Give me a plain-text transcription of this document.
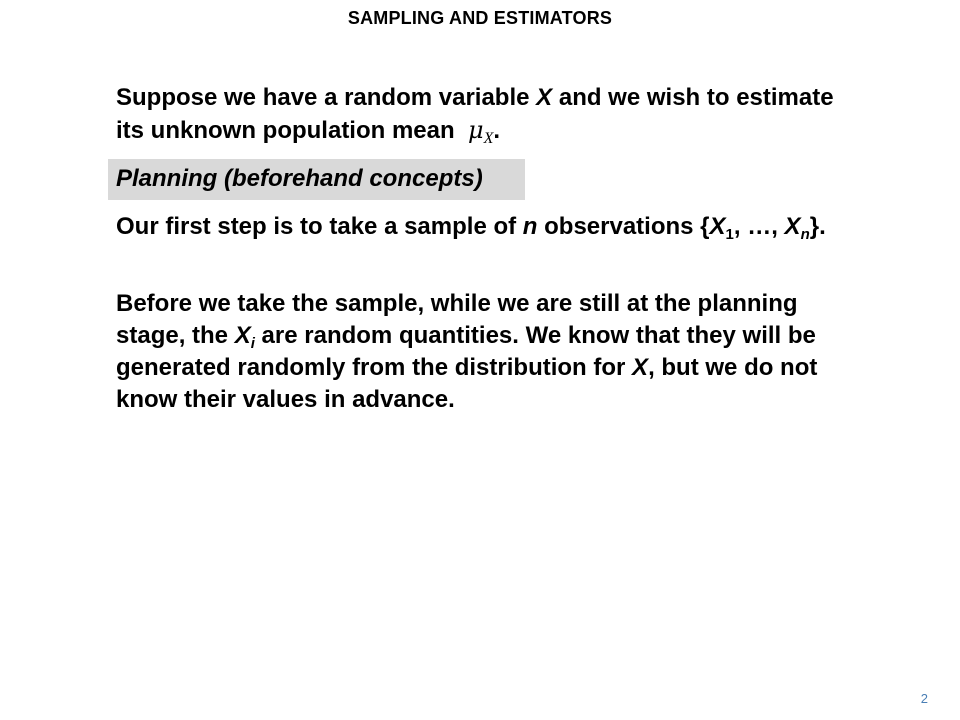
SAMPLING AND ESTIMATORS
Suppose we have a random variable X and we wish to estimate its unknown population mean  $\mu_X$.
Planning (beforehand concepts)
Our first step is to take a sample of n observations {$X_1$, …, $X_n$}.
Before we take the sample, while we are still at the planning stage, the $X_i$ are random quantities. We know that they will be generated randomly from the distribution for X, but we do not know their values in advance.
2
